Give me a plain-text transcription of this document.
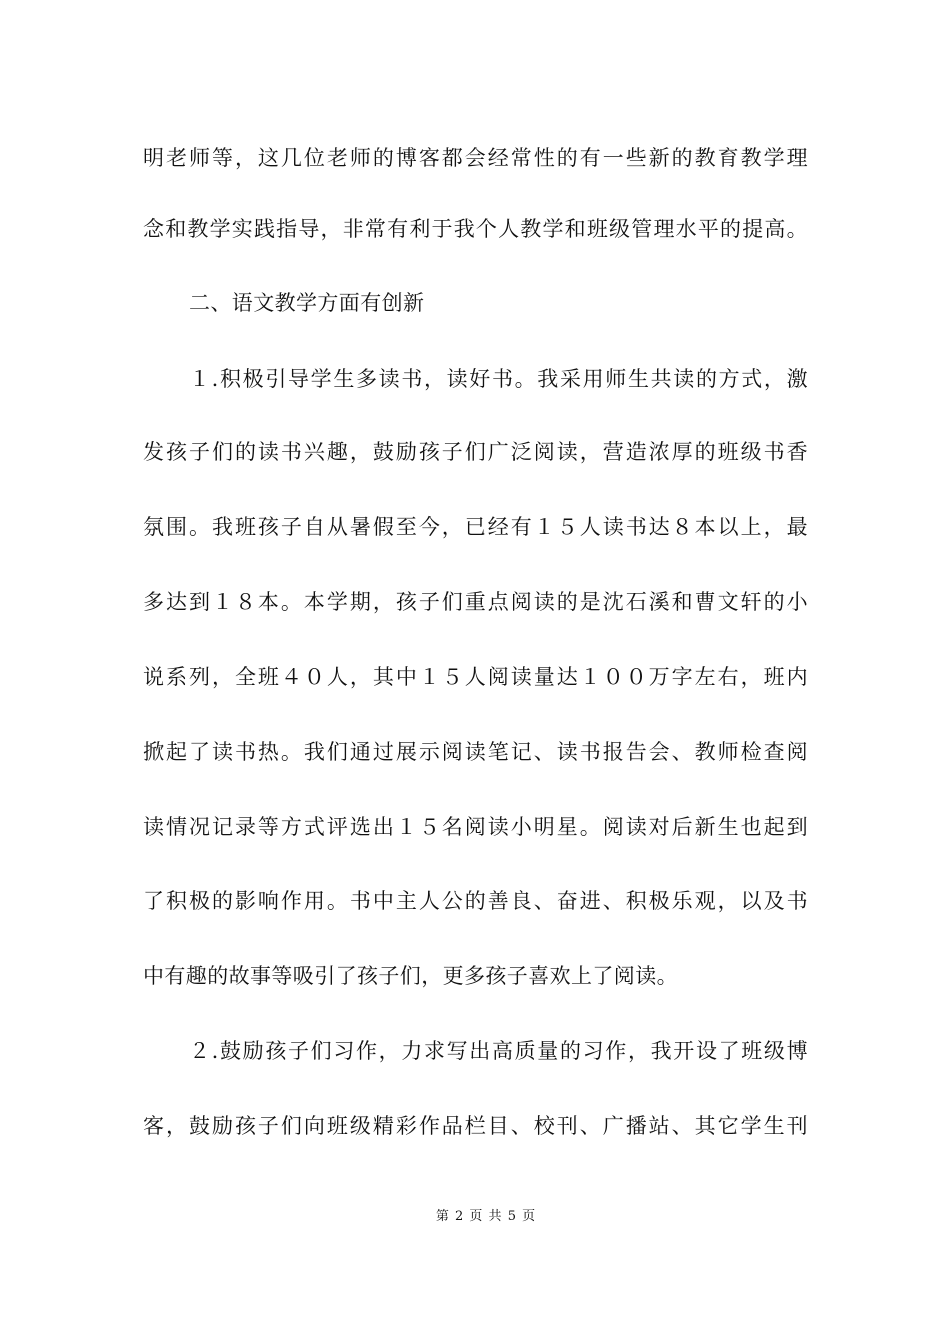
明老师等，这几位老师的博客都会经常性的有一些新的教育教学理
念和教学实践指导，非常有利于我个人教学和班级管理水平的提高。
二、语文教学方面有创新
１.积极引导学生多读书，读好书。我采用师生共读的方式，激
发孩子们的读书兴趣，鼓励孩子们广泛阅读，营造浓厚的班级书香
氛围。我班孩子自从暑假至今，已经有１５人读书达８本以上，最
多达到１８本。本学期，孩子们重点阅读的是沈石溪和曹文轩的小
说系列，全班４０人，其中１５人阅读量达１００万字左右，班内
掀起了读书热。我们通过展示阅读笔记、读书报告会、教师检查阅
读情况记录等方式评选出１５名阅读小明星。阅读对后新生也起到
了积极的影响作用。书中主人公的善良、奋进、积极乐观，以及书
中有趣的故事等吸引了孩子们，更多孩子喜欢上了阅读。
２.鼓励孩子们习作，力求写出高质量的习作，我开设了班级博
客，鼓励孩子们向班级精彩作品栏目、校刊、广播站、其它学生刊
第 2 页 共 5 页
